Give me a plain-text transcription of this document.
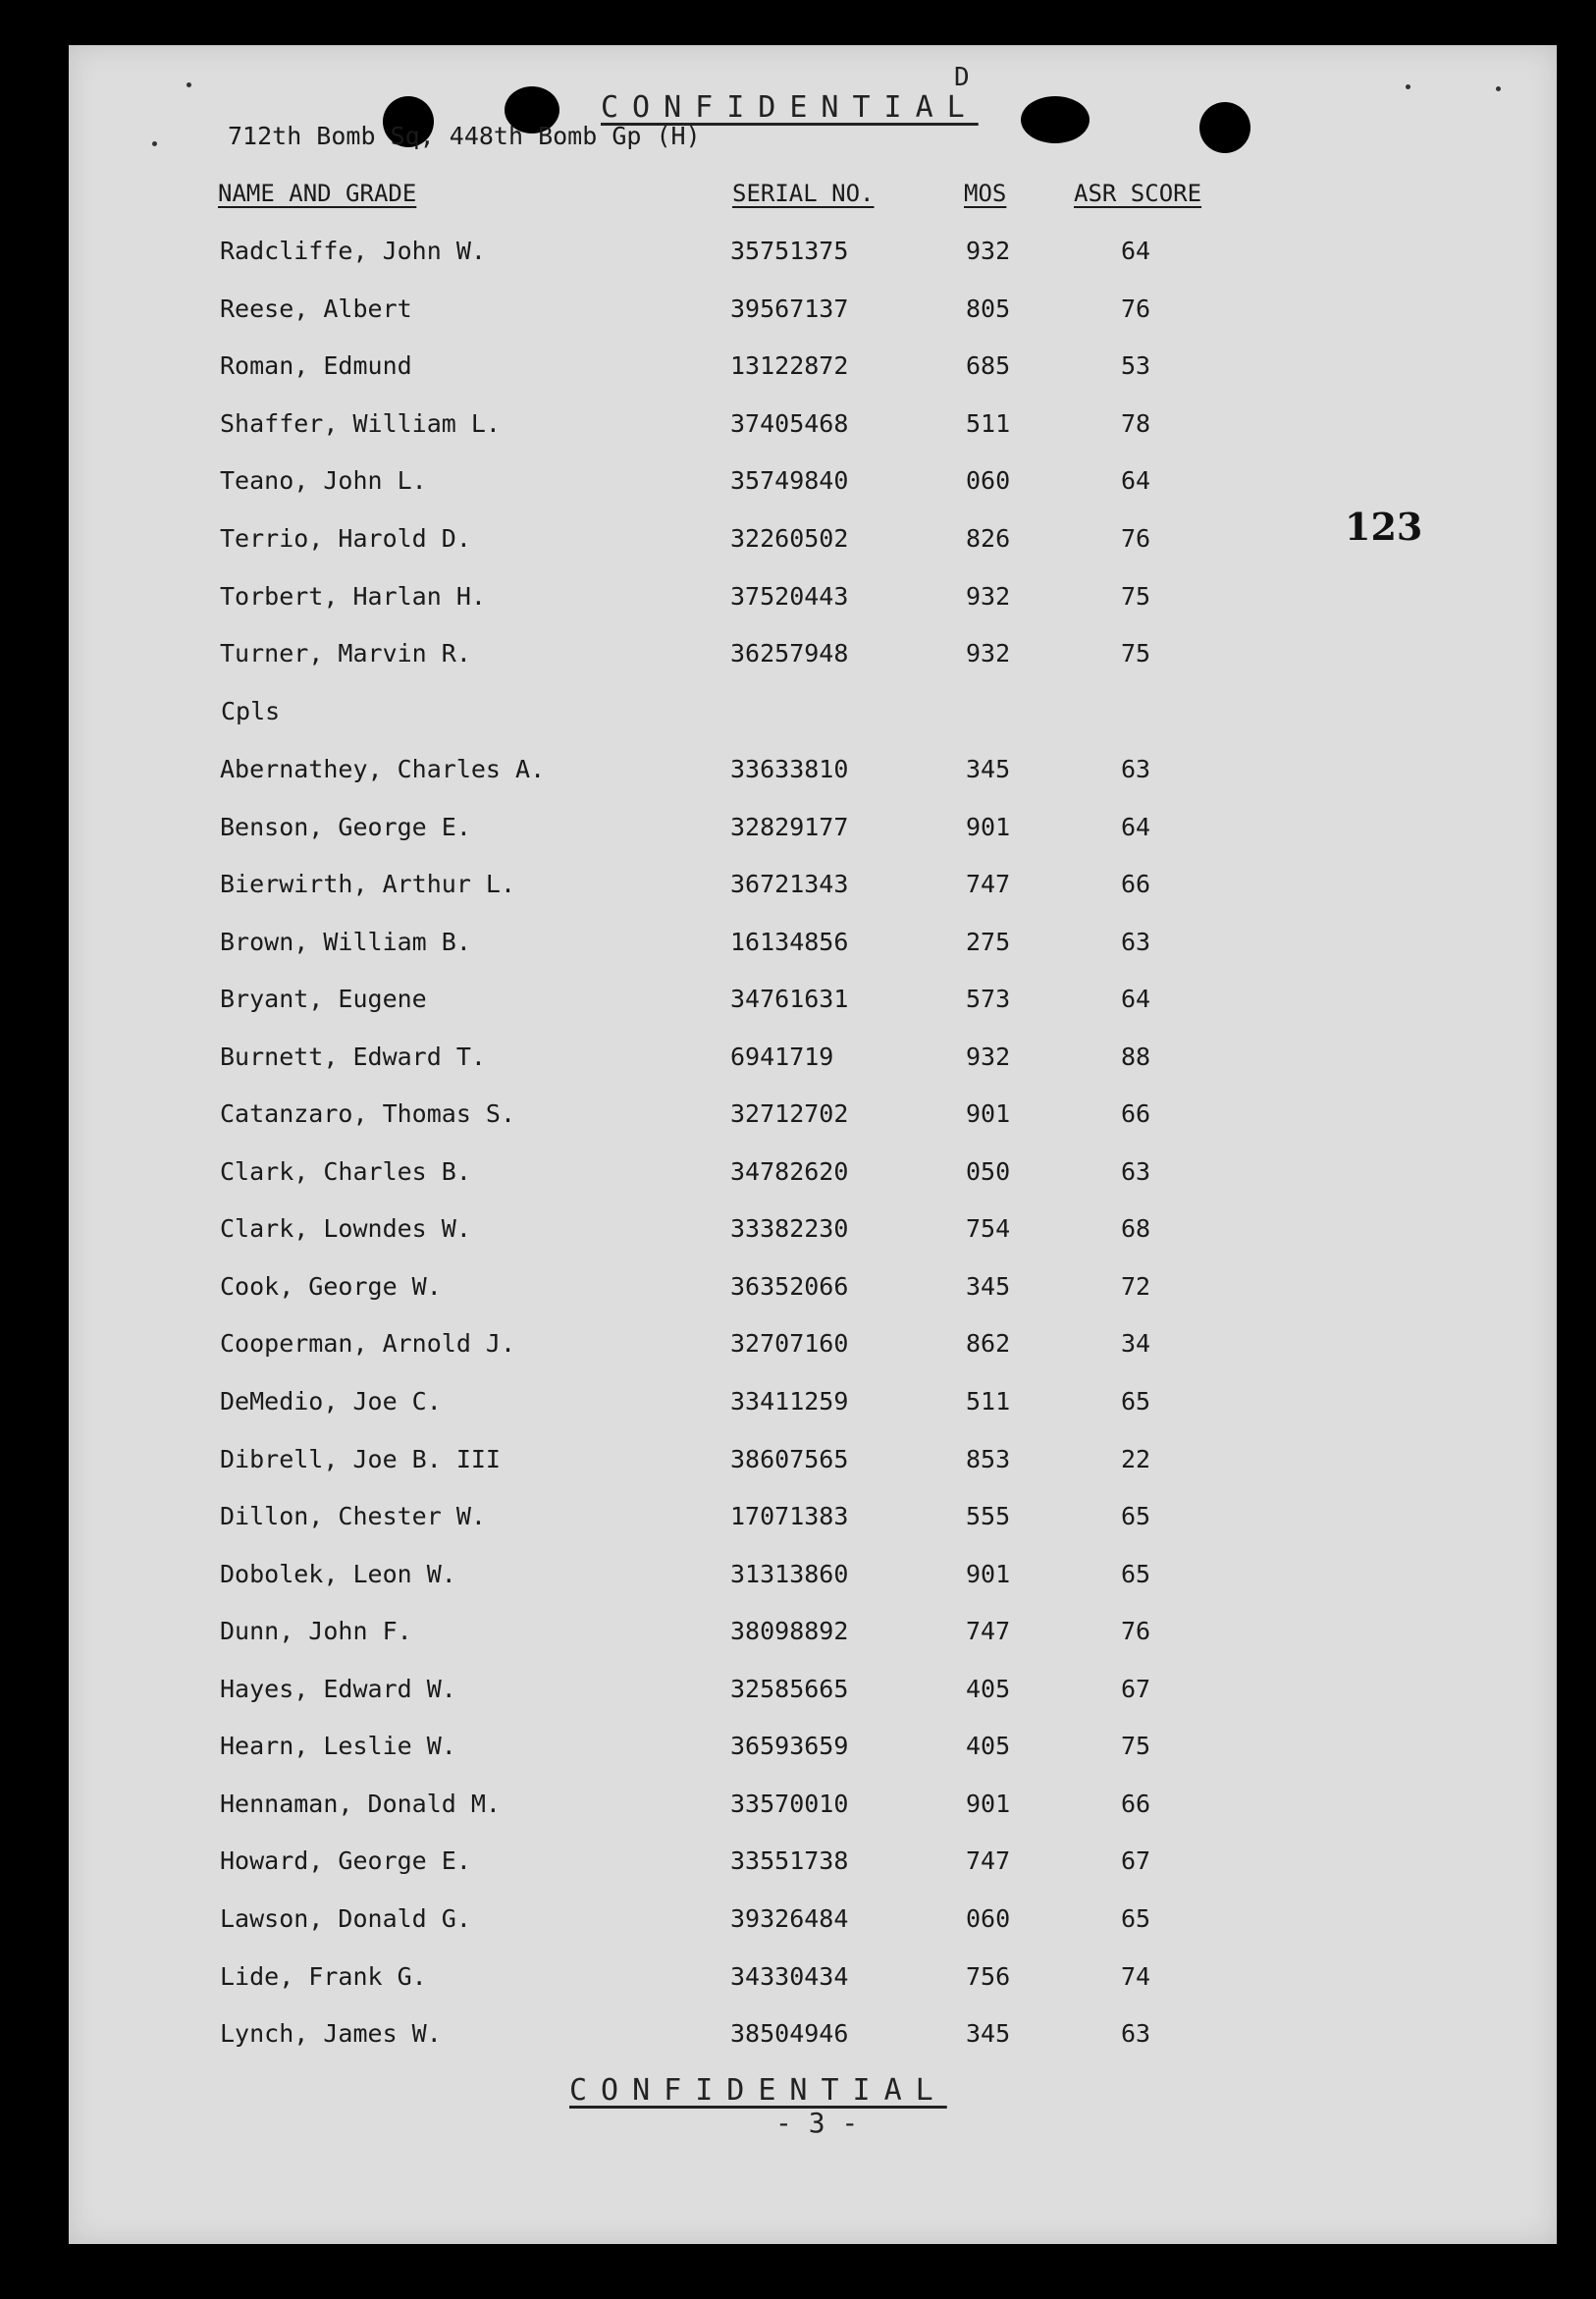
D
CONFIDENTIAL
712th Bomb Sq, 448th Bomb Gp (H)
NAME AND GRADE	SERIAL NO.	MOS	ASR SCORE
123
Radcliffe, John W.	35751375	932	64
Reese, Albert	39567137	805	76
Roman, Edmund	13122872	685	53
Shaffer, William L.	37405468	511	78
Teano, John L.	35749840	060	64
Terrio, Harold D.	32260502	826	76
Torbert, Harlan H.	37520443	932	75
Turner, Marvin R.	36257948	932	75
Cpls
Abernathey, Charles A.	33633810	345	63
Benson, George E.	32829177	901	64
Bierwirth, Arthur L.	36721343	747	66
Brown, William B.	16134856	275	63
Bryant, Eugene	34761631	573	64
Burnett, Edward T.	6941719	932	88
Catanzaro, Thomas S.	32712702	901	66
Clark, Charles B.	34782620	050	63
Clark, Lowndes W.	33382230	754	68
Cook, George W.	36352066	345	72
Cooperman, Arnold J.	32707160	862	34
DeMedio, Joe C.	33411259	511	65
Dibrell, Joe B. III	38607565	853	22
Dillon, Chester W.	17071383	555	65
Dobolek, Leon W.	31313860	901	65
Dunn, John F.	38098892	747	76
Hayes, Edward W.	32585665	405	67
Hearn, Leslie W.	36593659	405	75
Hennaman, Donald M.	33570010	901	66
Howard, George E.	33551738	747	67
Lawson, Donald G.	39326484	060	65
Lide, Frank G.	34330434	756	74
Lynch, James W.	38504946	345	63
CONFIDENTIAL
- 3 -
